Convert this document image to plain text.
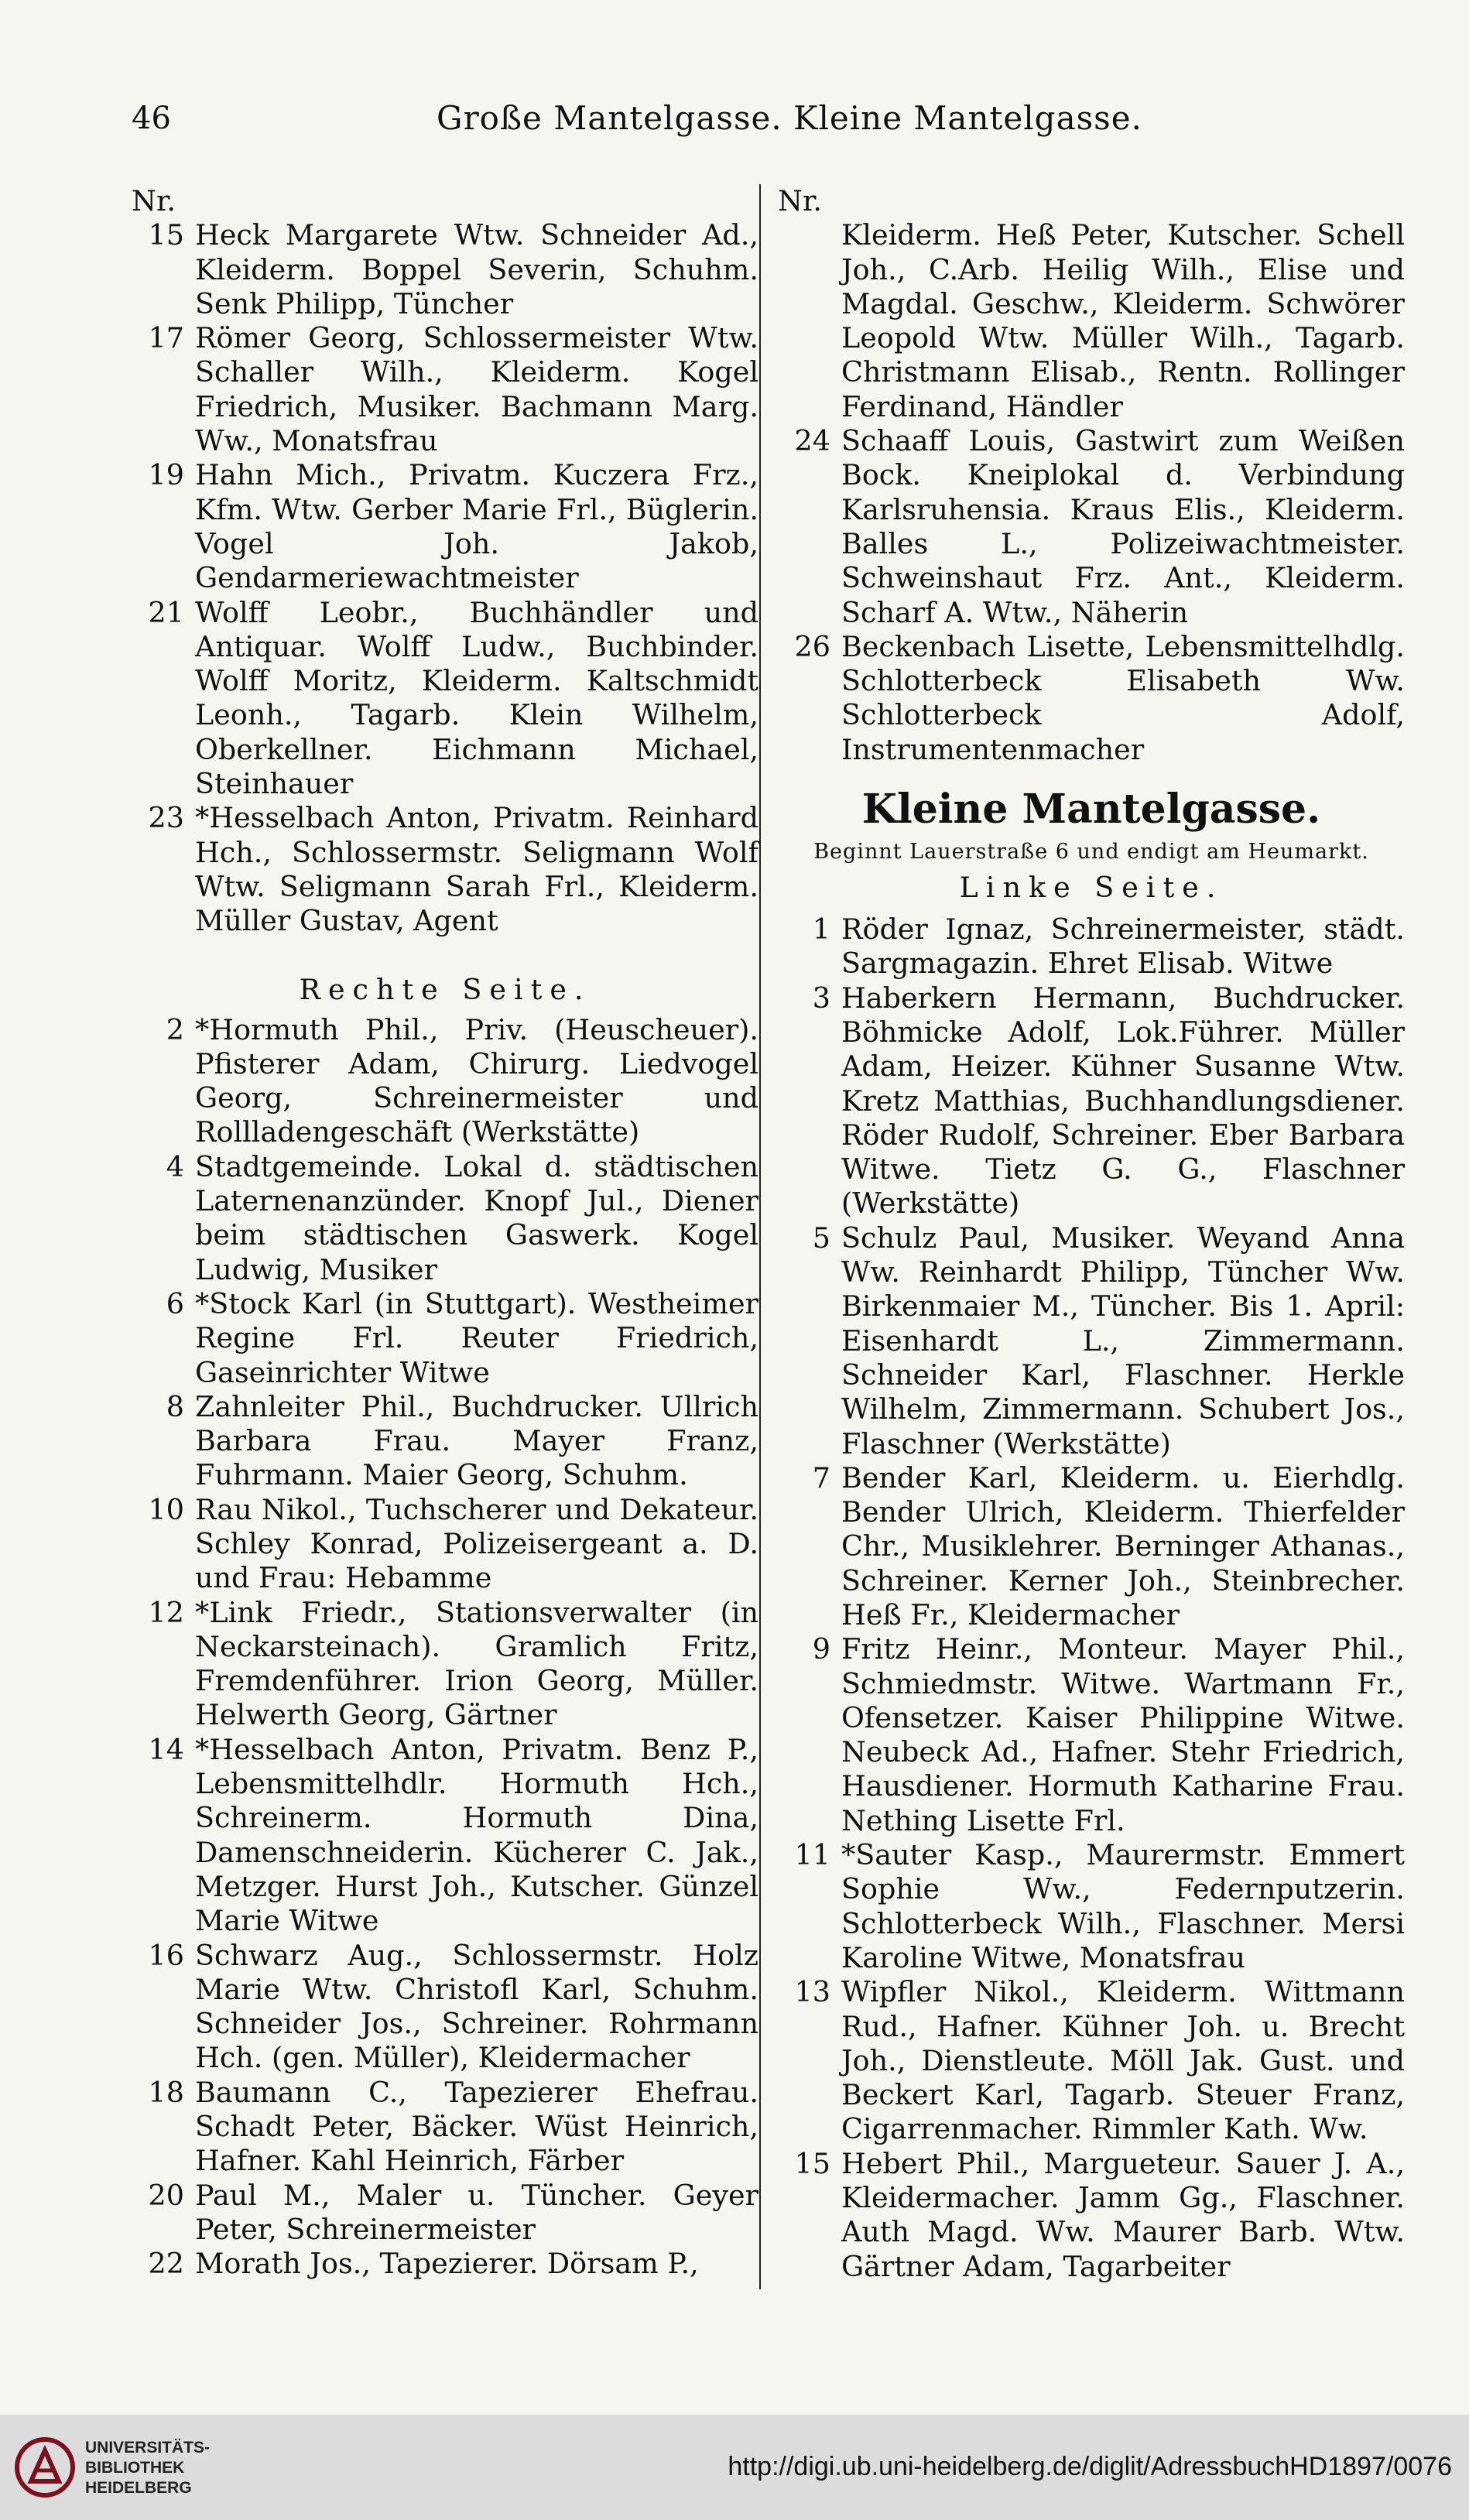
46	Große Mantelgasse. Kleine Mantelgasse.
Nr.
15 Heck Margarete Wtw. Schneider Ad., Kleiderm. Boppel Severin, Schuhm. Senk Philipp, Tüncher
17 Römer Georg, Schlossermeister Wtw. Schaller Wilh., Kleiderm. Kogel Friedrich, Musiker. Bachmann Marg. Ww., Monatsfrau
19 Hahn Mich., Privatm. Kuczera Frz., Kfm. Wtw. Gerber Marie Frl., Büglerin. Vogel Joh. Jakob, Gendarmeriewachtmeister
21 Wolff Leobr., Buchhändler und Antiquar. Wolff Ludw., Buchbinder. Wolff Moritz, Kleiderm. Kaltschmidt Leonh., Tagarb. Klein Wilhelm, Oberkellner. Eichmann Michael, Steinhauer
23 *Hesselbach Anton, Privatm. Reinhard Hch., Schlossermstr. Seligmann Wolf Wtw. Seligmann Sarah Frl., Kleiderm. Müller Gustav, Agent
Rechte Seite.
2 *Hormuth Phil., Priv. (Heuscheuer). Pfisterer Adam, Chirurg. Liedvogel Georg, Schreinermeister und Rollladengeschäft (Werkstätte)
4 Stadtgemeinde. Lokal d. städtischen Laternenanzünder. Knopf Jul., Diener beim städtischen Gaswerk. Kogel Ludwig, Musiker
6 *Stock Karl (in Stuttgart). Westheimer Regine Frl. Reuter Friedrich, Gaseinrichter Witwe
8 Zahnleiter Phil., Buchdrucker. Ullrich Barbara Frau. Mayer Franz, Fuhrmann. Maier Georg, Schuhm.
10 Rau Nikol., Tuchscherer und Dekateur. Schley Konrad, Polizeisergeant a. D. und Frau: Hebamme
12 *Link Friedr., Stationsverwalter (in Neckarsteinach). Gramlich Fritz, Fremdenführer. Irion Georg, Müller. Helwerth Georg, Gärtner
14 *Hesselbach Anton, Privatm. Benz P., Lebensmittelhdlr. Hormuth Hch., Schreinerm. Hormuth Dina, Damenschneiderin. Kücherer C. Jak., Metzger. Hurst Joh., Kutscher. Günzel Marie Witwe
16 Schwarz Aug., Schlossermstr. Holz Marie Wtw. Christofl Karl, Schuhm. Schneider Jos., Schreiner. Rohrmann Hch. (gen. Müller), Kleidermacher
18 Baumann C., Tapezierer Ehefrau. Schadt Peter, Bäcker. Wüst Heinrich, Hafner. Kahl Heinrich, Färber
20 Paul M., Maler u. Tüncher. Geyer Peter, Schreinermeister
22 Morath Jos., Tapezierer. Dörsam P.,
Nr.
Kleiderm. Heß Peter, Kutscher. Schell Joh., C.Arb. Heilig Wilh., Elise und Magdal. Geschw., Kleiderm. Schwörer Leopold Wtw. Müller Wilh., Tagarb. Christmann Elisab., Rentn. Rollinger Ferdinand, Händler
24 Schaaff Louis, Gastwirt zum Weißen Bock. Kneiplokal d. Verbindung Karlsruhensia. Kraus Elis., Kleiderm. Balles L., Polizeiwachtmeister. Schweinshaut Frz. Ant., Kleiderm. Scharf A. Wtw., Näherin
26 Beckenbach Lisette, Lebensmittelhdlg. Schlotterbeck Elisabeth Ww. Schlotterbeck Adolf, Instrumentenmacher
Kleine Mantelgasse.
Beginnt Lauerstraße 6 und endigt am Heumarkt.
Linke Seite.
1 Röder Ignaz, Schreinermeister, städt. Sargmagazin. Ehret Elisab. Witwe
3 Haberkern Hermann, Buchdrucker. Böhmicke Adolf, Lok.Führer. Müller Adam, Heizer. Kühner Susanne Wtw. Kretz Matthias, Buchhandlungsdiener. Röder Rudolf, Schreiner. Eber Barbara Witwe. Tietz G. G., Flaschner (Werkstätte)
5 Schulz Paul, Musiker. Weyand Anna Ww. Reinhardt Philipp, Tüncher Ww. Birkenmaier M., Tüncher. Bis 1. April: Eisenhardt L., Zimmermann. Schneider Karl, Flaschner. Herkle Wilhelm, Zimmermann. Schubert Jos., Flaschner (Werkstätte)
7 Bender Karl, Kleiderm. u. Eierhdlg. Bender Ulrich, Kleiderm. Thierfelder Chr., Musiklehrer. Berninger Athanas., Schreiner. Kerner Joh., Steinbrecher. Heß Fr., Kleidermacher
9 Fritz Heinr., Monteur. Mayer Phil., Schmiedmstr. Witwe. Wartmann Fr., Ofensetzer. Kaiser Philippine Witwe. Neubeck Ad., Hafner. Stehr Friedrich, Hausdiener. Hormuth Katharine Frau. Nething Lisette Frl.
11 *Sauter Kasp., Maurermstr. Emmert Sophie Ww., Federnputzerin. Schlotterbeck Wilh., Flaschner. Mersi Karoline Witwe, Monatsfrau
13 Wipfler Nikol., Kleiderm. Wittmann Rud., Hafner. Kühner Joh. u. Brecht Joh., Dienstleute. Möll Jak. Gust. und Beckert Karl, Tagarb. Steuer Franz, Cigarrenmacher. Rimmler Kath. Ww.
15 Hebert Phil., Margueteur. Sauer J. A., Kleidermacher. Jamm Gg., Flaschner. Auth Magd. Ww. Maurer Barb. Wtw. Gärtner Adam, Tagarbeiter
UNIVERSITÄTS-
BIBLIOTHEK
HEIDELBERG
http://digi.ub.uni-heidelberg.de/diglit/AdressbuchHD1897/0076
